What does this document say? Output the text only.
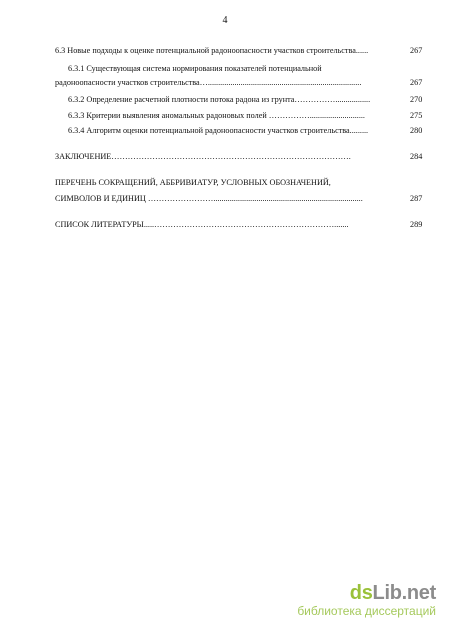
4
6.3 Новые подходы к оценке потенциальной радоноопасности участков строительства......	267
6.3.1 Существующая система нормирования показателей потенциальной
радоноопасности участков строительства…...........................................................................	267
6.3.2 Определение расчетной плотности потока радона из грунта…………….................	270
6.3.3 Критерии выявления аномальных радоновых полей ……………...........................	275
6.3.4 Алгоритм оценки потенциальной радоноопасности участков строительства.........	280
ЗАКЛЮЧЕНИЕ…………………………………………………………………………….	284
ПЕРЕЧЕНЬ СОКРАЩЕНИЙ, АББРИВИАТУР, УСЛОВНЫХ ОБОЗНАЧЕНИЙ,
СИМВОЛОВ И ЕДИНИЦ …………………….........................................................................	287
СПИСОК ЛИТЕРАТУРЫ.....………………………………………………………….......	289
dsLib.net
библиотека диссертаций
